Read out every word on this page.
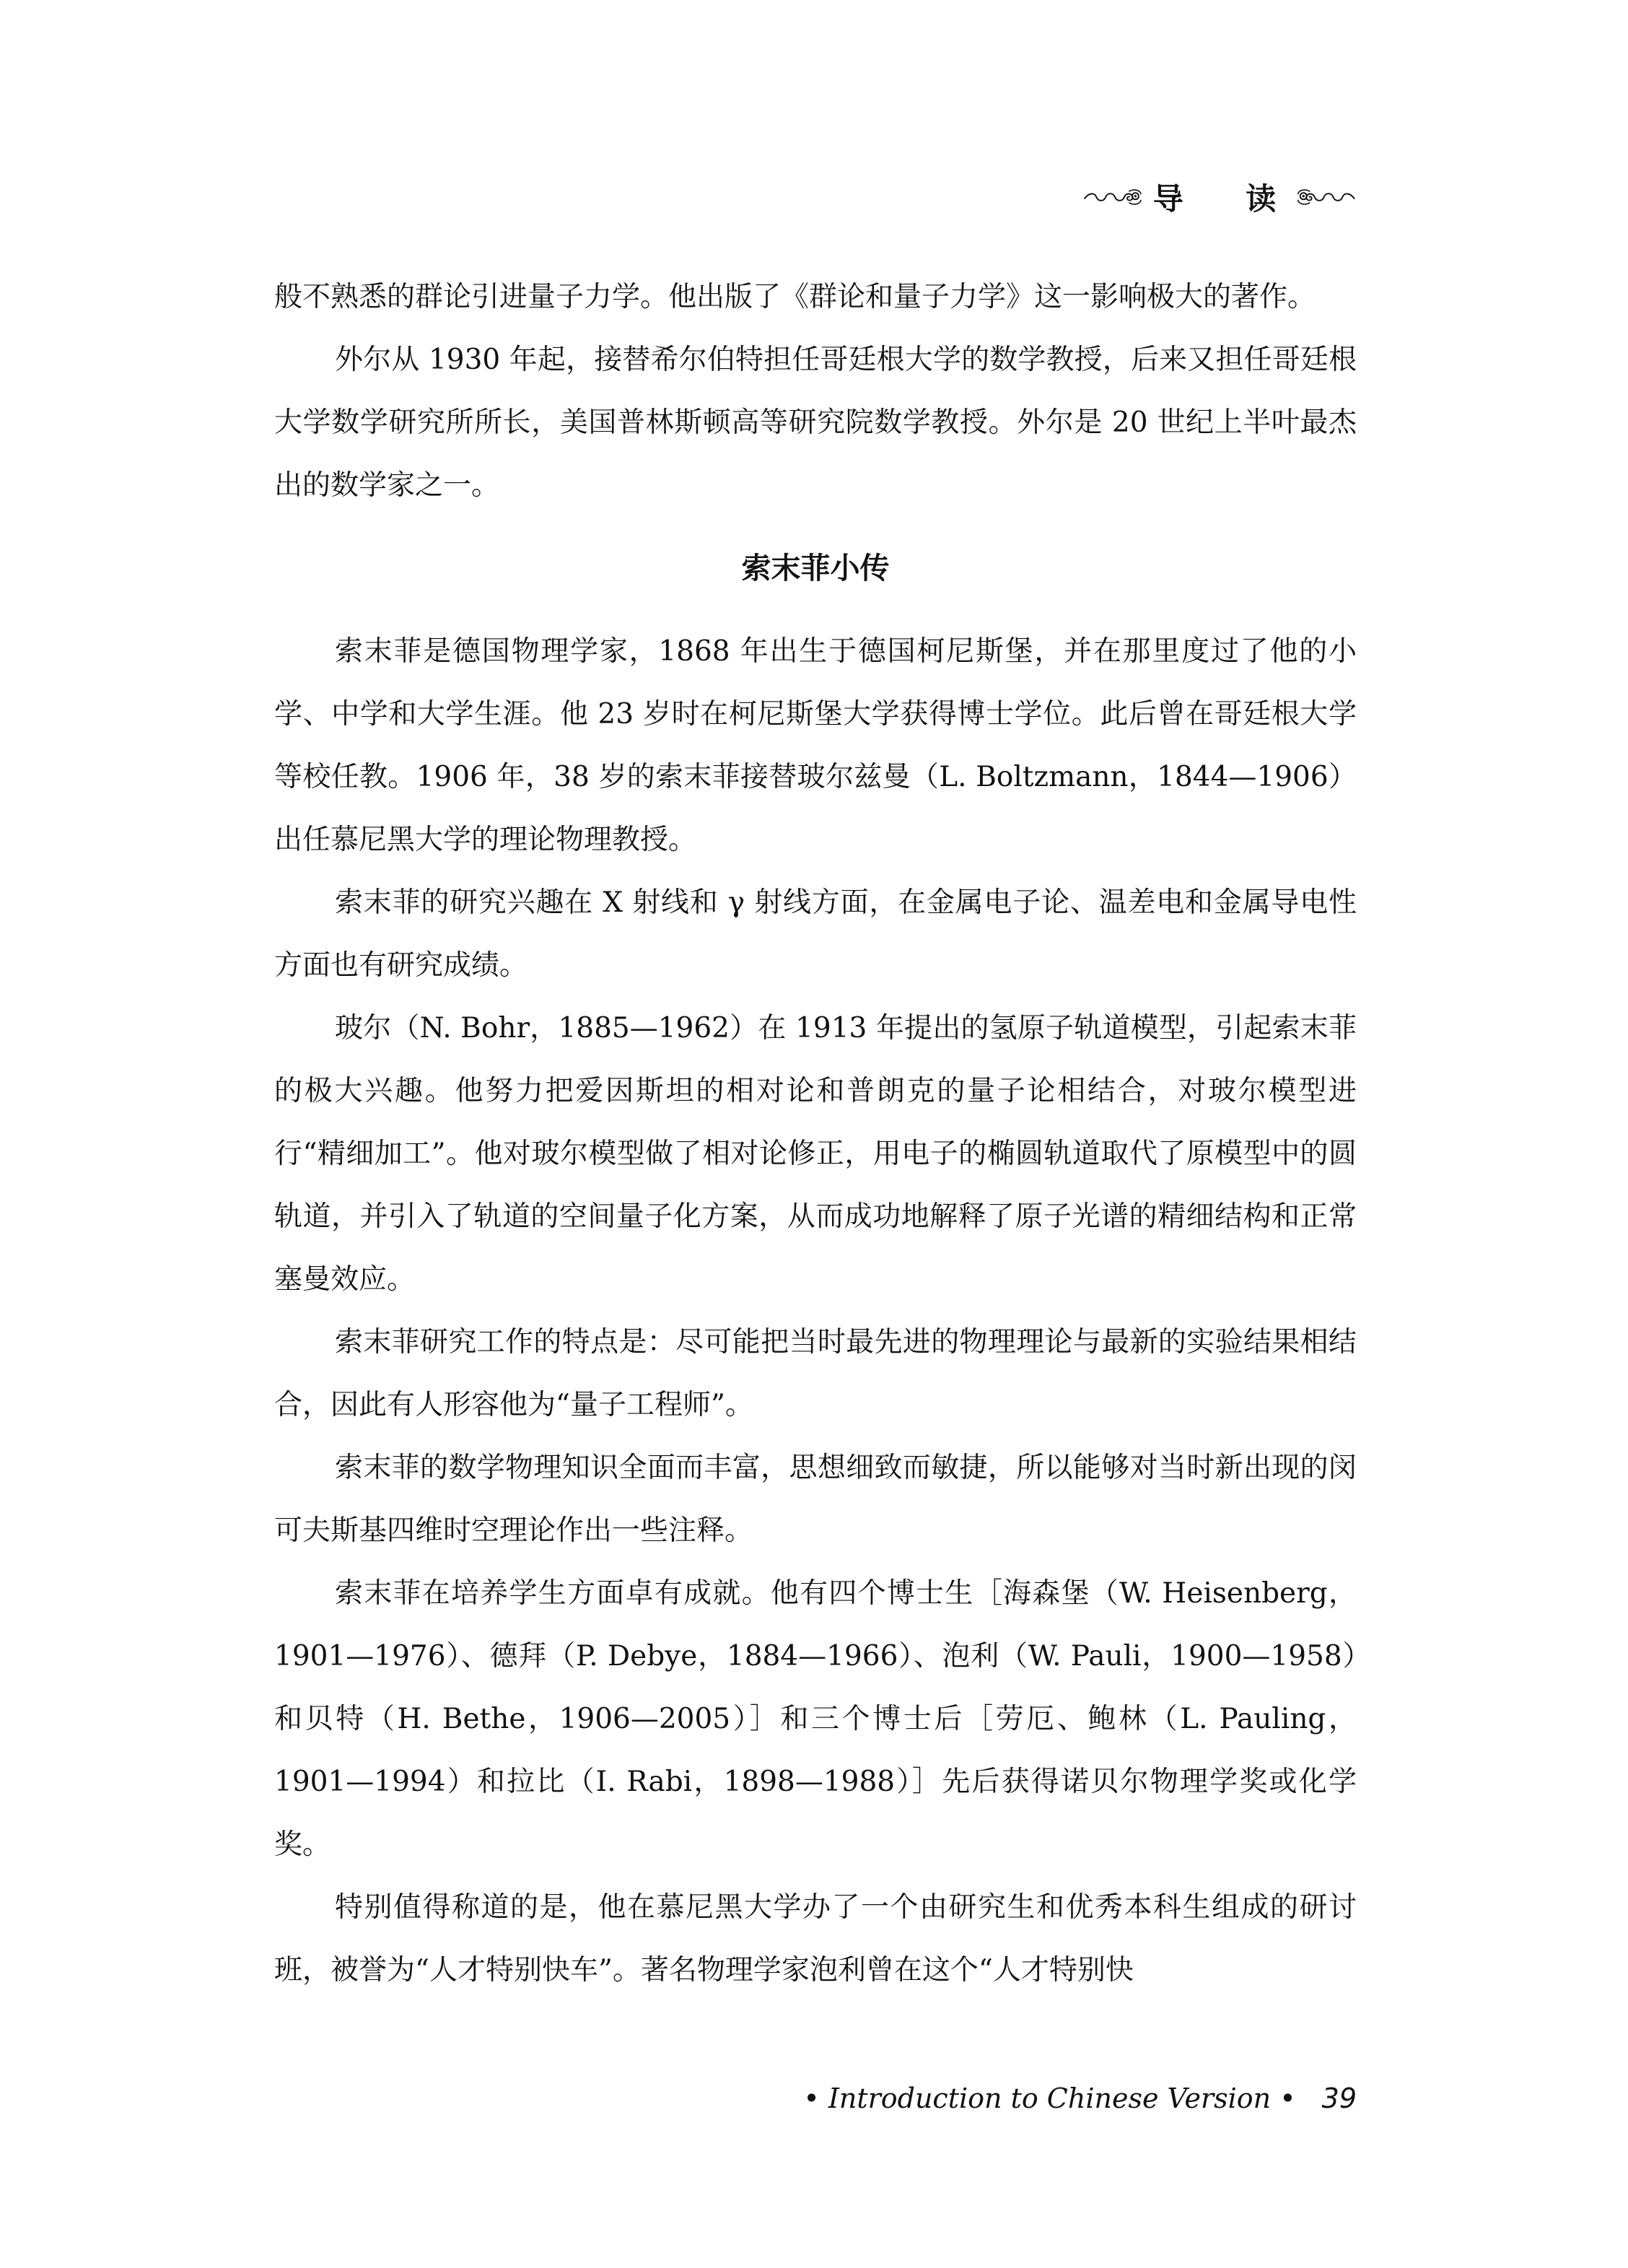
导 读

般不熟悉的群论引进量子力学。他出版了《群论和量子力学》这一影响极大的著作。

外尔从 1930 年起，接替希尔伯特担任哥廷根大学的数学教授，后来又担任哥廷根大学数学研究所所长，美国普林斯顿高等研究院数学教授。外尔是 20 世纪上半叶最杰出的数学家之一。

索末菲小传

索末菲是德国物理学家，1868 年出生于德国柯尼斯堡，并在那里度过了他的小学、中学和大学生涯。他 23 岁时在柯尼斯堡大学获得博士学位。此后曾在哥廷根大学等校任教。1906 年，38 岁的索末菲接替玻尔兹曼（L. Boltzmann，1844—1906）出任慕尼黑大学的理论物理教授。

索末菲的研究兴趣在 X 射线和 γ 射线方面，在金属电子论、温差电和金属导电性方面也有研究成绩。

玻尔（N. Bohr，1885—1962）在 1913 年提出的氢原子轨道模型，引起索末菲的极大兴趣。他努力把爱因斯坦的相对论和普朗克的量子论相结合，对玻尔模型进行“精细加工”。他对玻尔模型做了相对论修正，用电子的椭圆轨道取代了原模型中的圆轨道，并引入了轨道的空间量子化方案，从而成功地解释了原子光谱的精细结构和正常塞曼效应。

索末菲研究工作的特点是：尽可能把当时最先进的物理理论与最新的实验结果相结合，因此有人形容他为“量子工程师”。

索末菲的数学物理知识全面而丰富，思想细致而敏捷，所以能够对当时新出现的闵可夫斯基四维时空理论作出一些注释。

索末菲在培养学生方面卓有成就。他有四个博士生［海森堡（W. Heisenberg，1901—1976）、德拜（P. Debye，1884—1966）、泡利（W. Pauli，1900—1958）和贝特（H. Bethe，1906—2005）］和三个博士后［劳厄、鲍林（L. Pauling，1901—1994）和拉比（I. Rabi，1898—1988）］先后获得诺贝尔物理学奖或化学奖。

特别值得称道的是，他在慕尼黑大学办了一个由研究生和优秀本科生组成的研讨班，被誉为“人才特别快车”。著名物理学家泡利曾在这个“人才特别快

• Introduction to Chinese Version • 39
